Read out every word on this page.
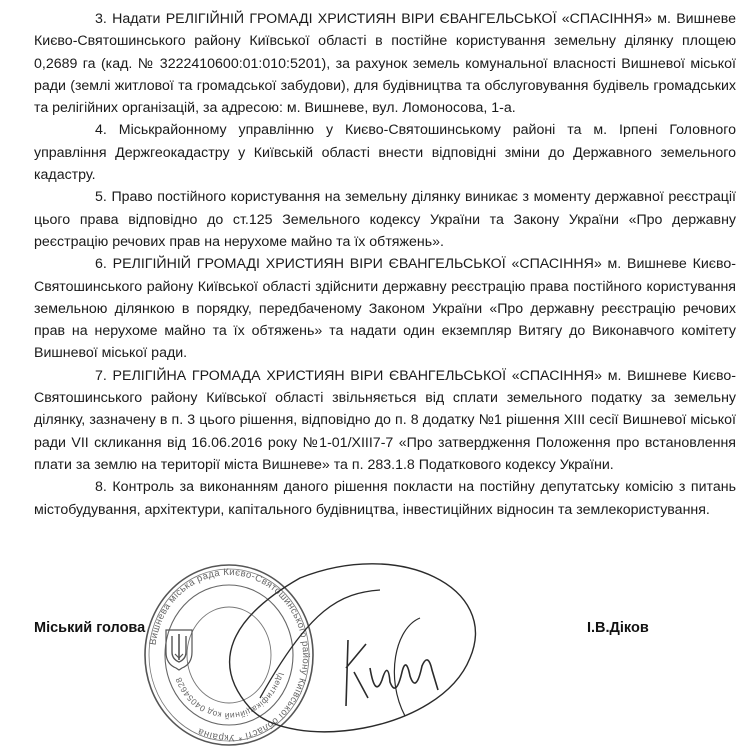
3. Надати РЕЛІГІЙНІЙ ГРОМАДІ ХРИСТИЯН ВІРИ ЄВАНГЕЛЬСЬКОЇ «СПАСІННЯ» м. Вишневе Києво-Святошинського району Київської області в постійне користування земельну ділянку площею 0,2689 га (кад. № 3222410600:01:010:5201), за рахунок земель комунальної власності Вишневої міської ради (землі житлової та громадської забудови), для будівництва та обслуговування будівель громадських та релігійних організацій, за адресою: м. Вишневе, вул. Ломоносова, 1-а.

4. Міськрайонному управлінню у Києво-Святошинському районі та м. Ірпені Головного управління Держгеокадастру у Київській області внести відповідні зміни до Державного земельного кадастру.

5. Право постійного користування на земельну ділянку виникає з моменту державної реєстрації цього права відповідно до ст.125 Земельного кодексу України та Закону України «Про державну реєстрацію речових прав на нерухоме майно та їх обтяжень».

6. РЕЛІГІЙНІЙ ГРОМАДІ ХРИСТИЯН ВІРИ ЄВАНГЕЛЬСЬКОЇ «СПАСІННЯ» м. Вишневе Києво-Святошинського району Київської області здійснити державну реєстрацію права постійного користування земельною ділянкою в порядку, передбаченому Законом України «Про державну реєстрацію речових прав на нерухоме майно та їх обтяжень» та надати один екземпляр Витягу до Виконавчого комітету Вишневої міської ради.

7. РЕЛІГІЙНА ГРОМАДА ХРИСТИЯН ВІРИ ЄВАНГЕЛЬСЬКОЇ «СПАСІННЯ» м. Вишневе Києво-Святошинського району Київської області звільняється від сплати земельного податку за земельну ділянку, зазначену в п. 3 цього рішення, відповідно до п. 8 додатку №1 рішення XIII сесії Вишневої міської ради VII скликання від 16.06.2016 року №1-01/XIII7-7 «Про затвердження Положення про встановлення плати за землю на території міста Вишневе» та п. 283.1.8 Податкового кодексу України.

8. Контроль за виконанням даного рішення покласти на постійну депутатську комісію з питань містобудування, архітектури, капітального будівництва, інвестиційних відносин та землекористування.

Міський голова	І.В.Діков
Вишнева міська рада Києво-Святошинського району Київської області * Україна
Ідентифікаційний код 04054628
